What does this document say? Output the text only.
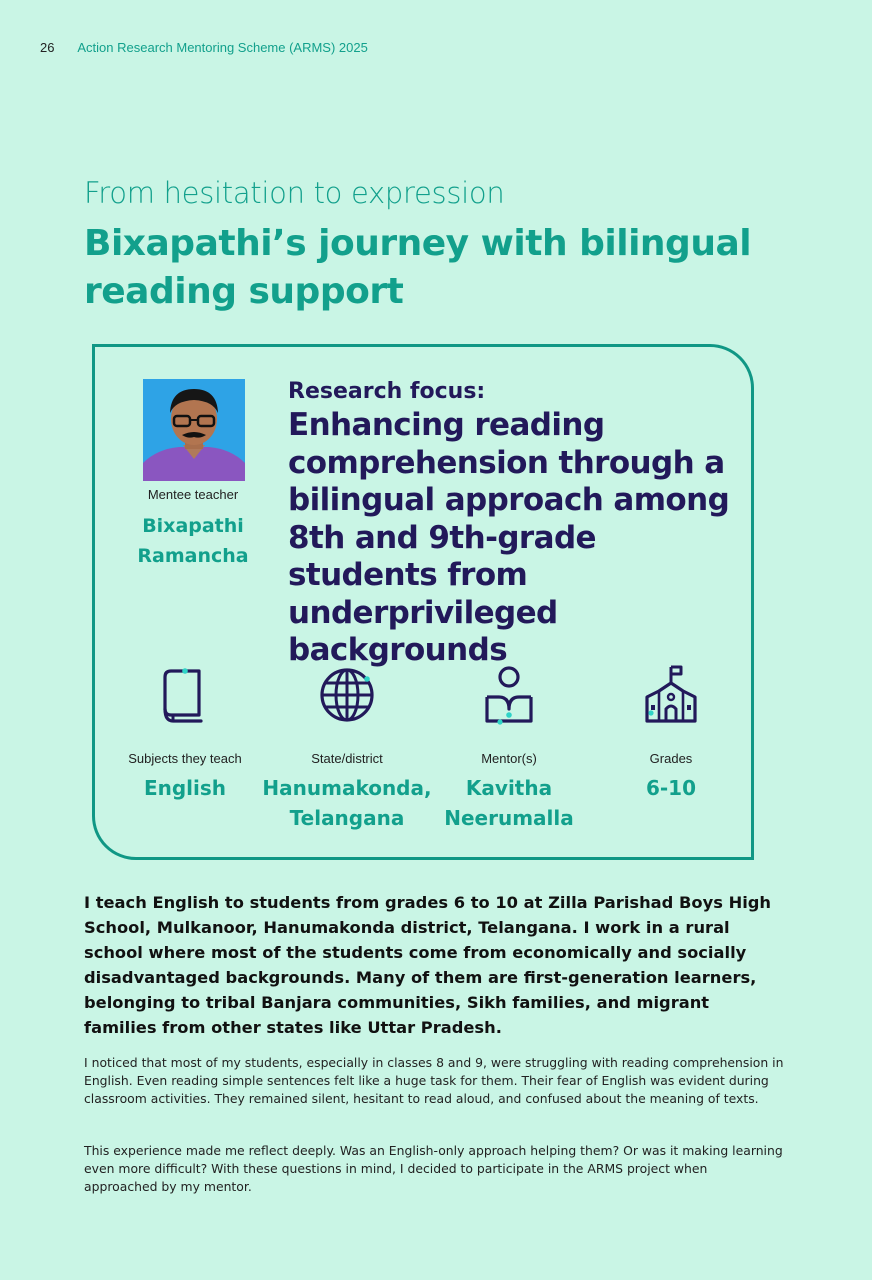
26 Action Research Mentoring Scheme (ARMS) 2025
From hesitation to expression
Bixapathi’s journey with bilingual reading support
Mentee teacher
Bixapathi Ramancha
Research focus:
Enhancing reading comprehension through a bilingual approach among 8th and 9th-grade students from underprivileged backgrounds
Subjects they teach
English
State/district
Hanumakonda, Telangana
Mentor(s)
Kavitha Neerumalla
Grades
6-10

I teach English to students from grades 6 to 10 at Zilla Parishad Boys High School, Mulkanoor, Hanumakonda district, Telangana. I work in a rural school where most of the students come from economically and socially disadvantaged backgrounds. Many of them are first-generation learners, belonging to tribal Banjara communities, Sikh families, and migrant families from other states like Uttar Pradesh.

I noticed that most of my students, especially in classes 8 and 9, were struggling with reading comprehension in English. Even reading simple sentences felt like a huge task for them. Their fear of English was evident during classroom activities. They remained silent, hesitant to read aloud, and confused about the meaning of texts.

This experience made me reflect deeply. Was an English-only approach helping them? Or was it making learning even more difficult? With these questions in mind, I decided to participate in the ARMS project when approached by my mentor.
